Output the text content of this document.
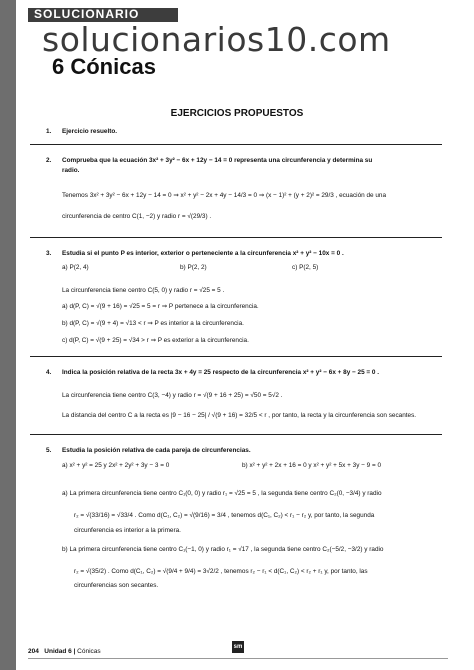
SOLUCIONARIO
solucionarios10.com
6 Cónicas
EJERCICIOS PROPUESTOS
1. Ejercicio resuelto.
2. Comprueba que la ecuación 3x² + 3y² − 6x + 12y − 14 = 0 representa una circunferencia y determina su
radio.
Tenemos 3x² + 3y² − 6x + 12y − 14 = 0 ⇒ x² + y² − 2x + 4y − 14/3 = 0 ⇒ (x − 1)² + (y + 2)² = 29/3 , ecuación de una
circunferencia de centro C(1, −2) y radio r = √(29/3) .
3. Estudia si el punto P es interior, exterior o perteneciente a la circunferencia x² + y² − 10x = 0 .
a) P(2, 4)	b) P(2, 2)	c) P(2, 5)
La circunferencia tiene centro C(5, 0) y radio r = √25 = 5 .
a) d(P, C) = √(9 + 16) = √25 = 5 = r ⇒ P pertenece a la circunferencia.
b) d(P, C) = √(9 + 4) = √13 < r ⇒ P es interior a la circunferencia.
c) d(P, C) = √(9 + 25) = √34 > r ⇒ P es exterior a la circunferencia.
4. Indica la posición relativa de la recta 3x + 4y = 25 respecto de la circunferencia x² + y² − 6x + 8y − 25 = 0 .
La circunferencia tiene centro C(3, −4) y radio r = √(9 + 16 + 25) = √50 = 5√2 .
La distancia del centro C a la recta es |9 − 16 − 25| / √(9 + 16) = 32/5 < r , por tanto, la recta y la circunferencia son secantes.
5. Estudia la posición relativa de cada pareja de circunferencias.
a) x² + y² = 25 y 2x² + 2y² + 3y − 3 = 0	b) x² + y² + 2x + 16 = 0 y x² + y² + 5x + 3y − 9 = 0
a) La primera circunferencia tiene centro C₁(0, 0) y radio r₁ = √25 = 5 , la segunda tiene centro C₂(0, −3/4) y radio
r₂ = √(33/16) = √33/4 . Como d(C₁, C₂) = √(9/16) = 3/4 , tenemos d(C₁, C₂) < r₁ − r₂ y, por tanto, la segunda
circunferencia es interior a la primera.
b) La primera circunferencia tiene centro C₁(−1, 0) y radio r₁ = √17 , la segunda tiene centro C₂(−5/2, −3/2) y radio
r₂ = √(35/2) . Como d(C₁, C₂) = √(9/4 + 9/4) = 3√2/2 , tenemos r₂ − r₁ < d(C₁, C₂) < r₂ + r₁ y, por tanto, las
circunferencias son secantes.
204 Unidad 6 | Cónicas
sm
